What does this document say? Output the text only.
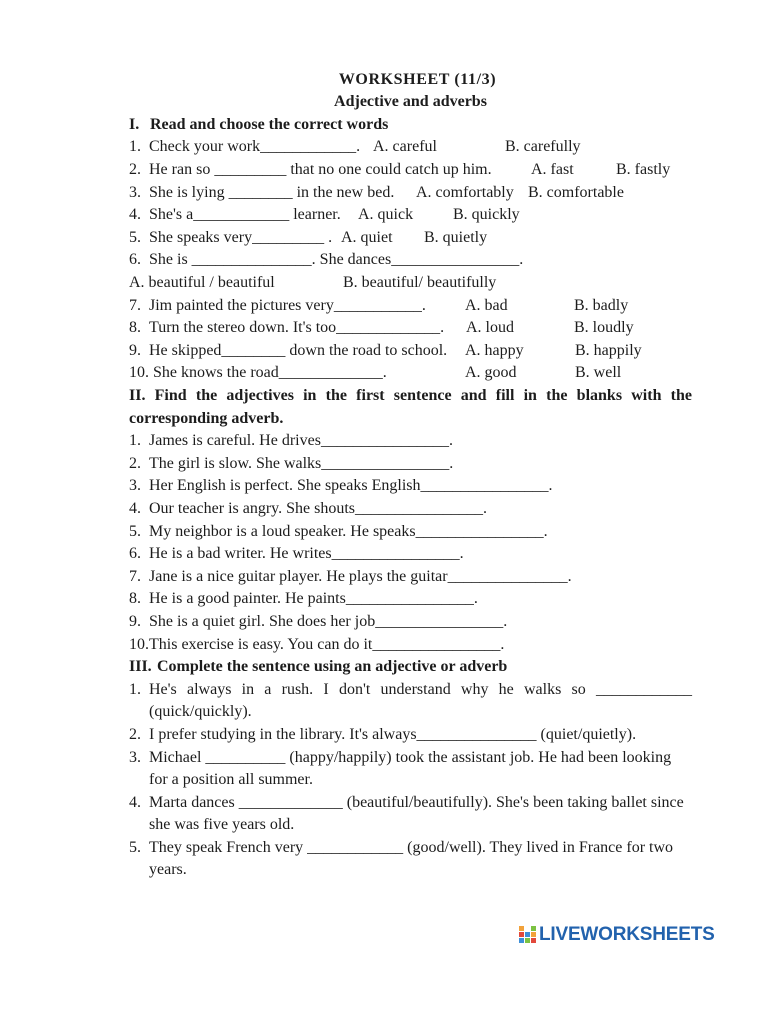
WORKSHEET (11/3)
Adjective and adverbs
I. Read and choose the correct words
1. Check your work____________. A. careful	B. carefully
2. He ran so _________ that no one could catch up him. A. fast	B. fastly
3. She is lying ________ in the new bed. A. comfortably B. comfortable
4. She's a____________ learner. A. quick B. quickly
5. She speaks very_________ . A. quiet B. quietly
6. She is _______________. She dances________________.
A. beautiful / beautiful	B. beautiful/ beautifully
7. Jim painted the pictures very___________. A. bad	B. badly
8. Turn the stereo down. It's too_____________. A. loud	B. loudly
9. He skipped________ down the road to school. A. happy	B. happily
10. She knows the road_____________.	A. good	B. well
II. Find the adjectives in the first sentence and fill in the blanks with the
corresponding adverb.
1. James is careful. He drives________________.
2. The girl is slow. She walks________________.
3. Her English is perfect. She speaks English________________.
4. Our teacher is angry. She shouts________________.
5. My neighbor is a loud speaker. He speaks________________.
6. He is a bad writer. He writes________________.
7. Jane is a nice guitar player. He plays the guitar_______________.
8. He is a good painter. He paints________________.
9. She is a quiet girl. She does her job________________.
10.This exercise is easy. You can do it________________.
III. Complete the sentence using an adjective or adverb
1. He's always in a rush. I don't understand why he walks so ____________
(quick/quickly).
2. I prefer studying in the library. It's always_______________ (quiet/quietly).
3. Michael __________ (happy/happily) took the assistant job. He had been looking
for a position all summer.
4. Marta dances _____________ (beautiful/beautifully). She's been taking ballet since
she was five years old.
5. They speak French very ____________ (good/well). They lived in France for two
years.
LIVEWORKSHEETS
